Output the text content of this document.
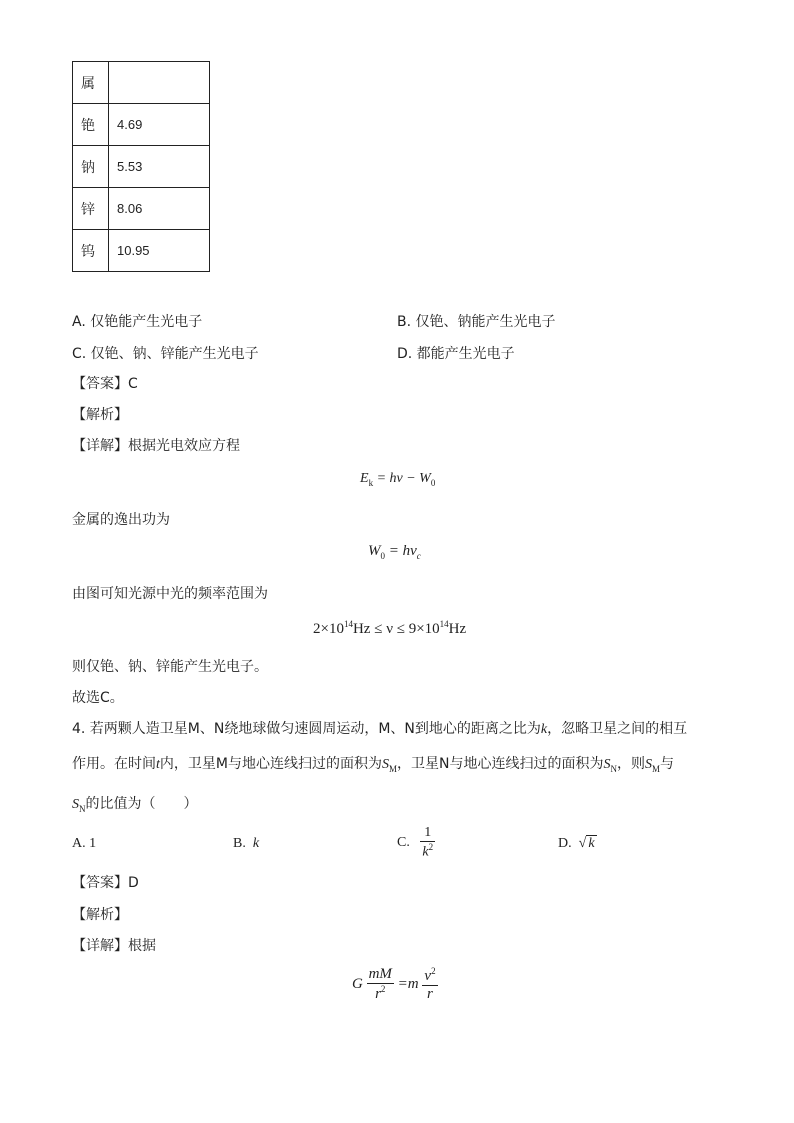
属	
铯	4.69
钠	5.53
锌	8.06
钨	10.95
A. 仅铯能产生光电子	B. 仅铯、钠能产生光电子
C. 仅铯、钠、锌能产生光电子	D. 都能产生光电子
【答案】C
【解析】
【详解】根据光电效应方程
$E_k = h\nu - W_0$
金属的逸出功为
$W_0 = h\nu_c$
由图可知光源中光的频率范围为
$2\times 10^{14}Hz \le \nu \le 9\times 10^{14}Hz$
则仅铯、钠、锌能产生光电子。
故选C。
4. 若两颗人造卫星M、N绕地球做匀速圆周运动，M、N到地心的距离之比为k，忽略卫星之间的相互
作用。在时间t内，卫星M与地心连线扫过的面积为$S_M$，卫星N与地心连线扫过的面积为$S_N$，则$S_M$与
$S_N$的比值为（　　）
A. 1	B. k	C. $\frac{1}{k^2}$	D. √ k
【答案】D
【解析】
【详解】根据
G $\frac{mM}{r^2} =m \frac{v^2}{r}$
